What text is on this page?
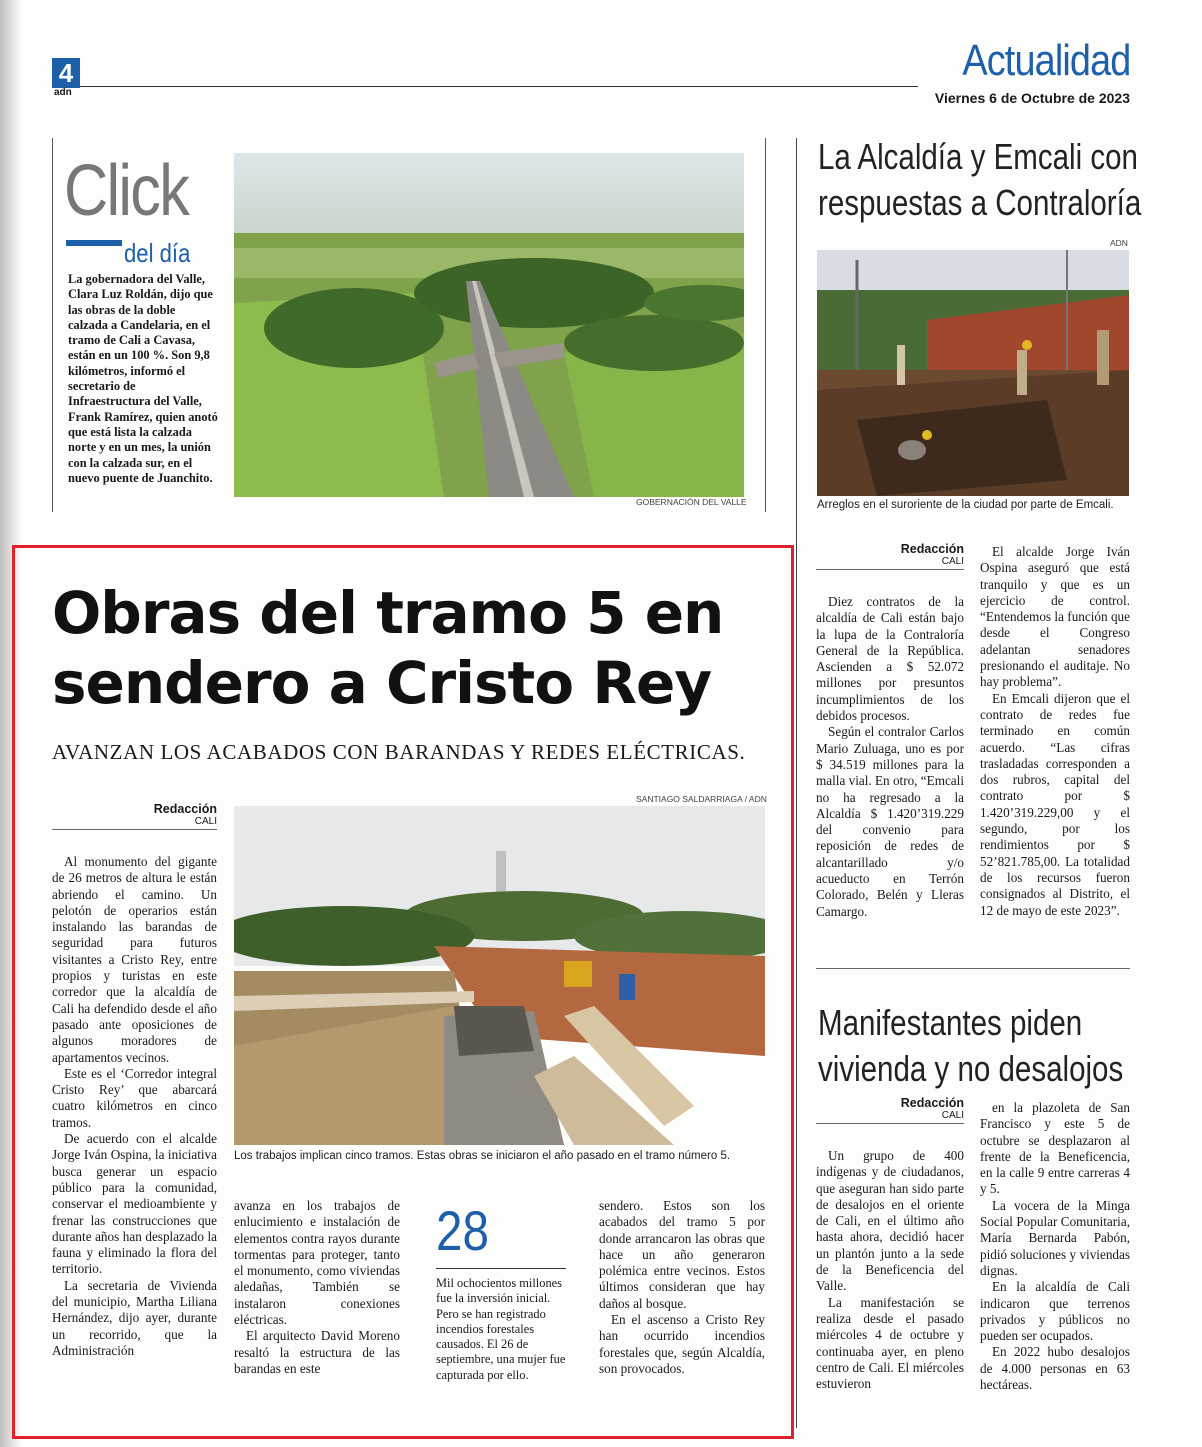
4
adn
Actualidad
Viernes 6 de Octubre de 2023
Click
del día
La gobernadora del Valle, Clara Luz Roldán, dijo que las obras de la doble calzada a Candelaria, en el tramo de Cali a Cavasa, están en un 100 %. Son 9,8 kilómetros, informó el secretario de Infraestructura del Valle, Frank Ramírez, quien anotó que está lista la calzada norte y en un mes, la unión con la calzada sur, en el nuevo puente de Juanchito.
GOBERNACIÓN DEL VALLE
La Alcaldía y Emcali con respuestas a Contraloría
ADN
Arreglos en el suroriente de la ciudad por parte de Emcali.
Redacción
CALI

Diez contratos de la alcaldía de Cali están bajo la lupa de la Contraloría General de la República. Ascienden a $ 52.072 millones por presuntos incumplimientos de los debidos procesos.

Según el contralor Carlos Mario Zuluaga, uno es por $ 34.519 millones para la malla vial. En otro, “Emcali no ha regresado a la Alcaldía $ 1.420’319.229 del convenio para reposición de redes de alcantarillado y/o acueducto en Terrón Colorado, Belén y Lleras Camargo.

El alcalde Jorge Iván Ospina aseguró que está tranquilo y que es un ejercicio de control. “Entendemos la función que desde el Congreso adelantan senadores presionando el auditaje. No hay problema”.

En Emcali dijeron que el contrato de redes fue terminado en común acuerdo. “Las cifras trasladadas corresponden a dos rubros, capital del contrato por $ 1.420’319.229,00 y el segundo, por los rendimientos por $ 52’821.785,00. La totalidad de los recursos fueron consignados al Distrito, el 12 de mayo de este 2023”.

Manifestantes piden vivienda y no desalojos
Redacción
CALI

Un grupo de 400 indígenas y de ciudadanos, que aseguran han sido parte de desalojos en el oriente de Cali, en el último año hasta ahora, decidió hacer un plantón junto a la sede de la Beneficencia del Valle.

La manifestación se realiza desde el pasado miércoles 4 de octubre y continuaba ayer, en pleno centro de Cali. El miércoles estuvieron

en la plazoleta de San Francisco y este 5 de octubre se desplazaron al frente de la Beneficencia, en la calle 9 entre carreras 4 y 5.

La vocera de la Minga Social Popular Comunitaria, María Bernarda Pabón, pidió soluciones y viviendas dignas.

En la alcaldía de Cali indicaron que terrenos privados y públicos no pueden ser ocupados.

En 2022 hubo desalojos de 4.000 personas en 63 hectáreas.

Obras del tramo 5 en sendero a Cristo Rey
AVANZAN LOS ACABADOS CON BARANDAS Y REDES ELÉCTRICAS.
SANTIAGO SALDARRIAGA / ADN
Redacción
CALI
Los trabajos implican cinco tramos. Estas obras se iniciaron el año pasado en el tramo número 5.

Al monumento del gigante de 26 metros de altura le están abriendo el camino. Un pelotón de operarios están instalando las barandas de seguridad para futuros visitantes a Cristo Rey, entre propios y turistas en este corredor que la alcaldía de Cali ha defendido desde el año pasado ante oposiciones de algunos moradores de apartamentos vecinos.

Este es el ‘Corredor integral Cristo Rey’ que abarcará cuatro kilómetros en cinco tramos.

De acuerdo con el alcalde Jorge Iván Ospina, la iniciativa busca generar un espacio público para la comunidad, conservar el medioambiente y frenar las construcciones que durante años han desplazado la fauna y eliminado la flora del territorio.

La secretaria de Vivienda del municipio, Martha Liliana Hernández, dijo ayer, durante un recorrido, que la Administración

avanza en los trabajos de enlucimiento e instalación de elementos contra rayos durante tormentas para proteger, tanto el monumento, como viviendas aledañas, También se instalaron conexiones eléctricas.

El arquitecto David Moreno resaltó la estructura de las barandas en este

28
Mil ochocientos millones fue la inversión inicial. Pero se han registrado incendios forestales causados. El 26 de septiembre, una mujer fue capturada por ello.

sendero. Estos son los acabados del tramo 5 por donde arrancaron las obras que hace un año generaron polémica entre vecinos. Estos últimos consideran que hay daños al bosque.

En el ascenso a Cristo Rey han ocurrido incendios forestales que, según Alcaldía, son provocados.
